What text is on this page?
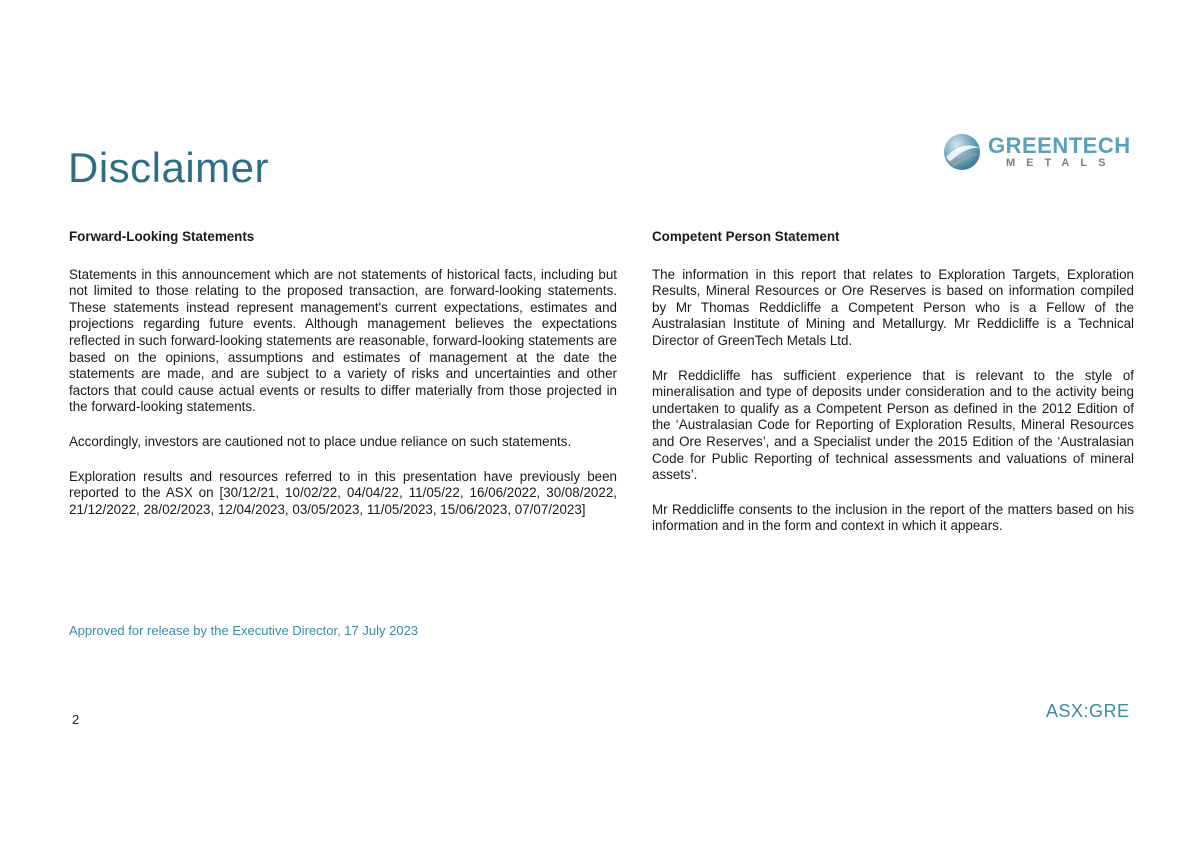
Disclaimer	GREENTECH
METALS

Forward-Looking Statements

Statements in this announcement which are not statements of historical facts, including but not limited to those relating to the proposed transaction, are forward-looking statements. These statements instead represent management's current expectations, estimates and projections regarding future events. Although management believes the expectations reflected in such forward-looking statements are reasonable, forward-looking statements are based on the opinions, assumptions and estimates of management at the date the statements are made, and are subject to a variety of risks and uncertainties and other factors that could cause actual events or results to differ materially from those projected in the forward-looking statements.

Accordingly, investors are cautioned not to place undue reliance on such statements.

Exploration results and resources referred to in this presentation have previously been reported to the ASX on [30/12/21, 10/02/22, 04/04/22, 11/05/22, 16/06/2022, 30/08/2022, 21/12/2022, 28/02/2023, 12/04/2023, 03/05/2023, 11/05/2023, 15/06/2023, 07/07/2023]

Competent Person Statement

The information in this report that relates to Exploration Targets, Exploration Results, Mineral Resources or Ore Reserves is based on information compiled by Mr Thomas Reddicliffe a Competent Person who is a Fellow of the Australasian Institute of Mining and Metallurgy. Mr Reddicliffe is a Technical Director of GreenTech Metals Ltd.

Mr Reddicliffe has sufficient experience that is relevant to the style of mineralisation and type of deposits under consideration and to the activity being undertaken to qualify as a Competent Person as defined in the 2012 Edition of the ‘Australasian Code for Reporting of Exploration Results, Mineral Resources and Ore Reserves’, and a Specialist under the 2015 Edition of the ‘Australasian Code for Public Reporting of technical assessments and valuations of mineral assets’.

Mr Reddicliffe consents to the inclusion in the report of the matters based on his information and in the form and context in which it appears.

Approved for release by the Executive Director, 17 July 2023
2	ASX:GRE
